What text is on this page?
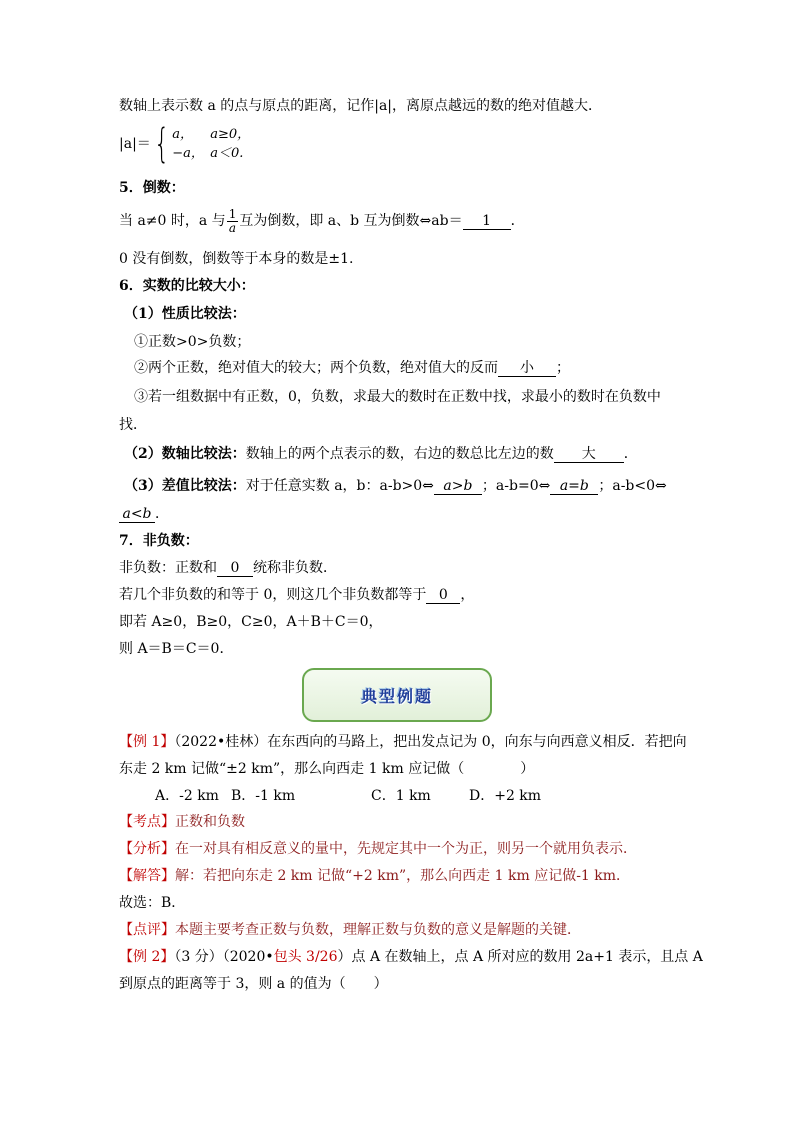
数轴上表示数 a 的点与原点的距离，记作|a|，离原点越远的数的绝对值越大．
|a|＝{ a， a≥0，
−a， a＜0.
5．倒数：
当 a≠0 时，a 与 $\frac{1}{a}$ 互为倒数，即 a、b 互为倒数⇔ab＝ 1 ．
0 没有倒数，倒数等于本身的数是±1.
6．实数的比较大小：
（1）性质比较法：
①正数>0>负数；
②两个正数，绝对值大的较大；两个负数，绝对值大的反而 小 ；
③若一组数据中有正数，0，负数，求最大的数时在正数中找，求最小的数时在负数中
找．
（2）数轴比较法：数轴上的两个点表示的数，右边的数总比左边的数 大 ．
（3）差值比较法：对于任意实数 a，b：a-b>0⇔ a>b ；a-b=0⇔ a=b ；a-b<0⇔
a<b ．
7．非负数：
非负数：正数和 0 统称非负数．
若几个非负数的和等于 0，则这几个非负数都等于 0 ，
即若 A≥0，B≥0，C≥0，A＋B＋C＝0，
则 A＝B＝C＝0．
典型例题
【例 1】（2022•桂林）在东西向的马路上，把出发点记为 0，向东与向西意义相反．若把向
东走 2 km 记做“±2 km”，那么向西走 1 km 应记做（　　　　）
A．-2 km B．-1 km	C．1 km	D．+2 km
【考点】正数和负数
【分析】在一对具有相反意义的量中，先规定其中一个为正，则另一个就用负表示．
【解答】解：若把向东走 2 km 记做“+2 km”，那么向西走 1 km 应记做-1 km．
故选：B．
【点评】本题主要考查正数与负数，理解正数与负数的意义是解题的关键．
【例 2】（3 分）（2020•包头 3/26）点 A 在数轴上，点 A 所对应的数用 2a+1 表示，且点 A
到原点的距离等于 3，则 a 的值为（　　）
